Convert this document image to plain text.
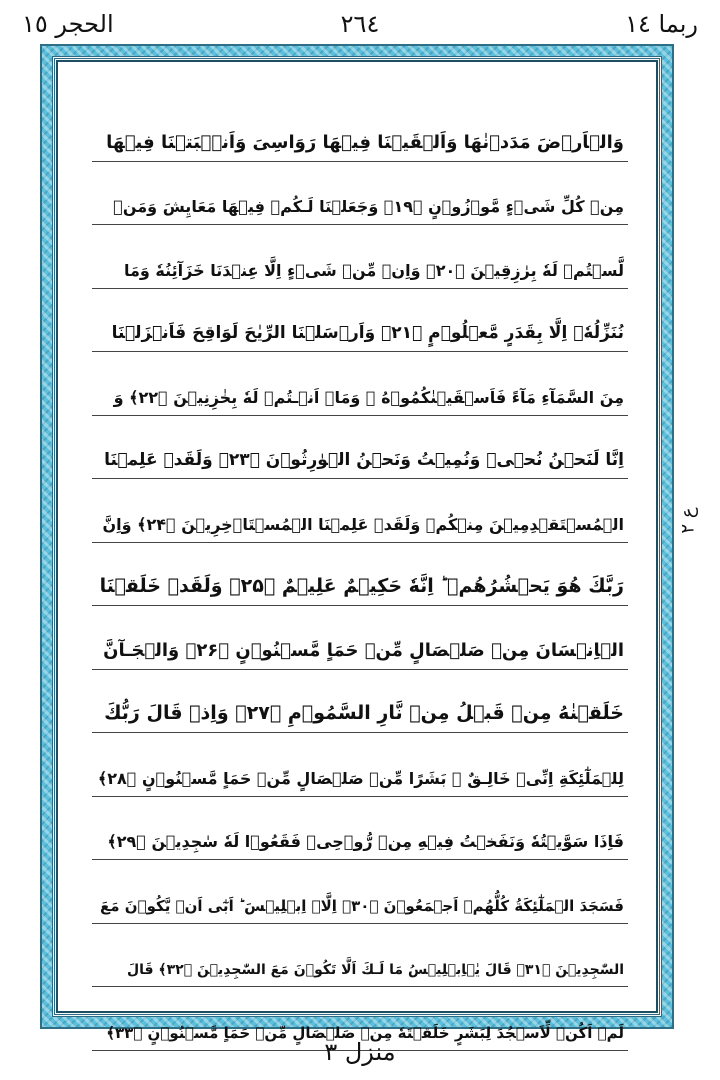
الحجر ١٥	٢٦٤	ربما ١٤
وَالۡاَرۡضَ مَدَدۡنٰهَا وَاَلۡقَيۡنَا فِيۡهَا رَوَاسِىَ وَاَنۡۢبَتۡنَا فِيۡهَا
مِنۡ كُلِّ شَىۡءٍ مَّوۡزُوۡنٍ ﴿۱۹﴾ وَجَعَلۡنَا لَـكُمۡ فِيۡهَا مَعَايِشَ وَمَنۡ
لَّسۡتُمۡ لَهٗ بِرٰزِقِيۡنَ ﴿۲۰﴾ وَاِنۡ مِّنۡ شَىۡءٍ اِلَّا عِنۡدَنَا خَزَآئِنُهٗ وَمَا
نُنَزِّلُهٗۤ اِلَّا بِقَدَرٍ مَّعۡلُوۡمٍ ﴿۲۱﴾ وَاَرۡسَلۡنَا الرِّيٰحَ لَوَاقِحَ فَاَنۡزَلۡنَا
مِنَ السَّمَآءِ مَآءً فَاَسۡقَيۡنٰكُمُوۡهُ‌ ۚ وَمَاۤ اَنۡـتُمۡ لَهٗ بِخٰزِنِيۡنَ ﴿۲۲﴾ وَ
اِنَّا لَنَحۡنُ نُحۡىٖ وَنُمِيۡتُ وَنَحۡنُ الۡوٰرِثُوۡنَ ﴿۲۳﴾ وَلَقَدۡ عَلِمۡنَا
الۡمُسۡتَقۡدِمِيۡنَ مِنۡكُمۡ وَلَقَدۡ عَلِمۡنَا الۡمُسۡتَاۡخِرِيۡنَ ﴿۲۴﴾ وَاِنَّ
رَبَّكَ هُوَ يَحۡشُرُهُمۡ‌ ؕ اِنَّهٗ حَكِيۡمٌ عَلِيۡمٌ ﴿۲۵﴾ وَلَقَدۡ خَلَقۡنَا
الۡاِنۡسَانَ مِنۡ صَلۡصَالٍ مِّنۡ حَمَاٍ مَّسۡنُوۡنٍ ﴿۲۶﴾ وَالۡجَـآنَّ
خَلَقۡنٰهُ مِنۡ قَبۡلُ مِنۡ نَّارِ السَّمُوۡمِ ﴿۲۷﴾ وَاِذۡ قَالَ رَبُّكَ
لِلۡمَلٰٓئِكَةِ اِنِّىۡ خَالِـقٌ ۢ بَشَرًا مِّنۡ صَلۡصَالٍ مِّنۡ حَمَاٍ مَّسۡنُوۡنٍ ﴿۲۸﴾
فَاِذَا سَوَّيۡتُهٗ وَنَفَخۡتُ فِيۡهِ مِنۡ رُّوۡحِىۡ فَقَعُوۡا لَهٗ سٰجِدِيۡنَ ﴿۲۹﴾
فَسَجَدَ الۡمَلٰٓئِكَةُ كُلُّهُمۡ اَجۡمَعُوۡنَ ﴿۳۰﴾ اِلَّاۤ اِبۡلِيۡسَ ؕ اَبٰٓى اَنۡ يَّكُوۡنَ مَعَ
السّٰجِدِيۡنَ ﴿۳۱﴾ قَالَ يٰۤاِبۡلِيۡسُ مَا لَـكَ اَلَّا تَكُوۡنَ مَعَ السّٰجِدِيۡنَ ﴿۳۲﴾ قَالَ
لَمۡ اَكُنۡ لِّاَسۡجُدَ لِبَشَرٍ خَلَقۡتَهٗ مِنۡ صَلۡصَالٍ مِّنۡ حَمَاٍ مَّسۡنُوۡنٍ ﴿۳۳﴾
ع ٢
منزل ٣
